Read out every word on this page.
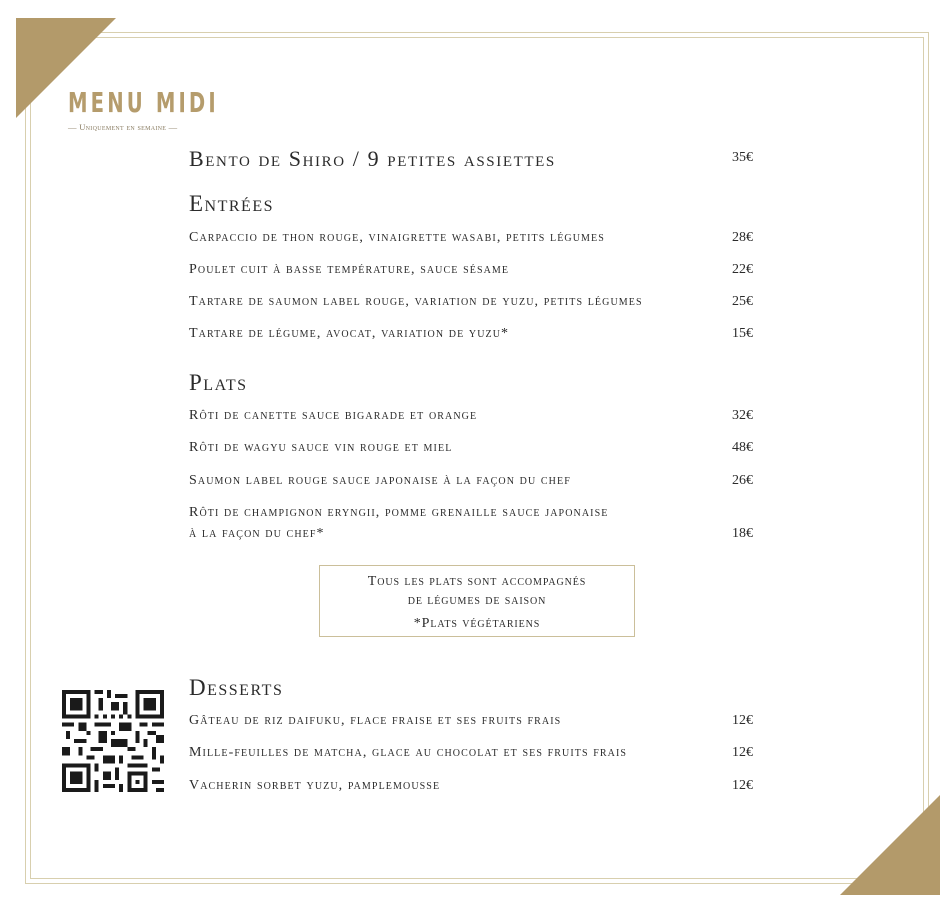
MENU MIDI
— Uniquement en semaine —
Bento de Shiro / 9 petites assiettes	35€
Entrées
Carpaccio de thon rouge, vinaigrette wasabi, petits légumes	28€
Poulet cuit à basse température, sauce sésame	22€
Tartare de saumon label rouge, variation de yuzu, petits légumes	25€
Tartare de légume, avocat, variation de yuzu*	15€
Plats
Rôti de canette sauce bigarade et orange	32€
Rôti de wagyu sauce vin rouge et miel	48€
Saumon label rouge sauce japonaise à la façon du chef	26€
Rôti de champignon eryngii, pomme grenaille sauce japonaise
à la façon du chef*	18€
Tous les plats sont accompagnés
de légumes de saison
*Plats végétariens
Desserts
Gâteau de riz daifuku, flace fraise et ses fruits frais	12€
Mille-feuilles de matcha, glace au chocolat et ses fruits frais	12€
Vacherin sorbet yuzu, pamplemousse	12€
